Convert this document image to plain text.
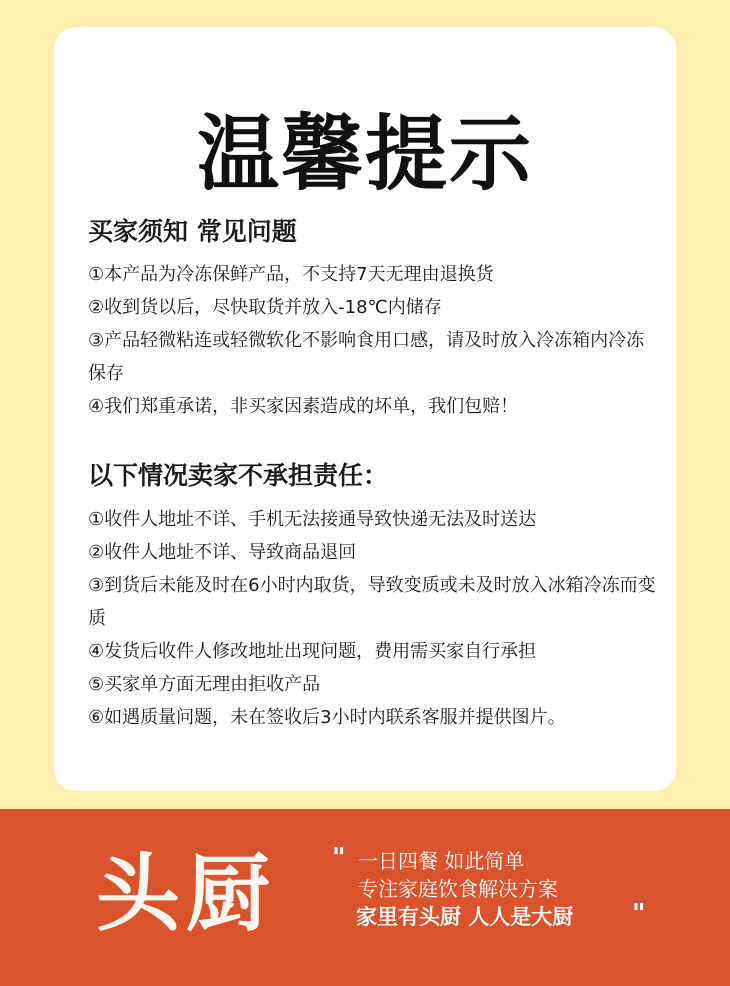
温馨提示
买家须知 常见问题
①本产品为冷冻保鲜产品，不支持7天无理由退换货
②收到货以后，尽快取货并放入-18℃内储存
③产品轻微粘连或轻微软化不影响食用口感，请及时放入冷冻箱内冷冻保存
④我们郑重承诺，非买家因素造成的坏单，我们包赔！
以下情况卖家不承担责任：
①收件人地址不详、手机无法接通导致快递无法及时送达
②收件人地址不详、导致商品退回
③到货后未能及时在6小时内取货，导致变质或未及时放入冰箱冷冻而变质
④发货后收件人修改地址出现问题，费用需买家自行承担
⑤买家单方面无理由拒收产品
⑥如遇质量问题，未在签收后3小时内联系客服并提供图片。
头厨 " 一日四餐 如此简单
专注家庭饮食解决方案
家里有头厨 人人是大厨	"
